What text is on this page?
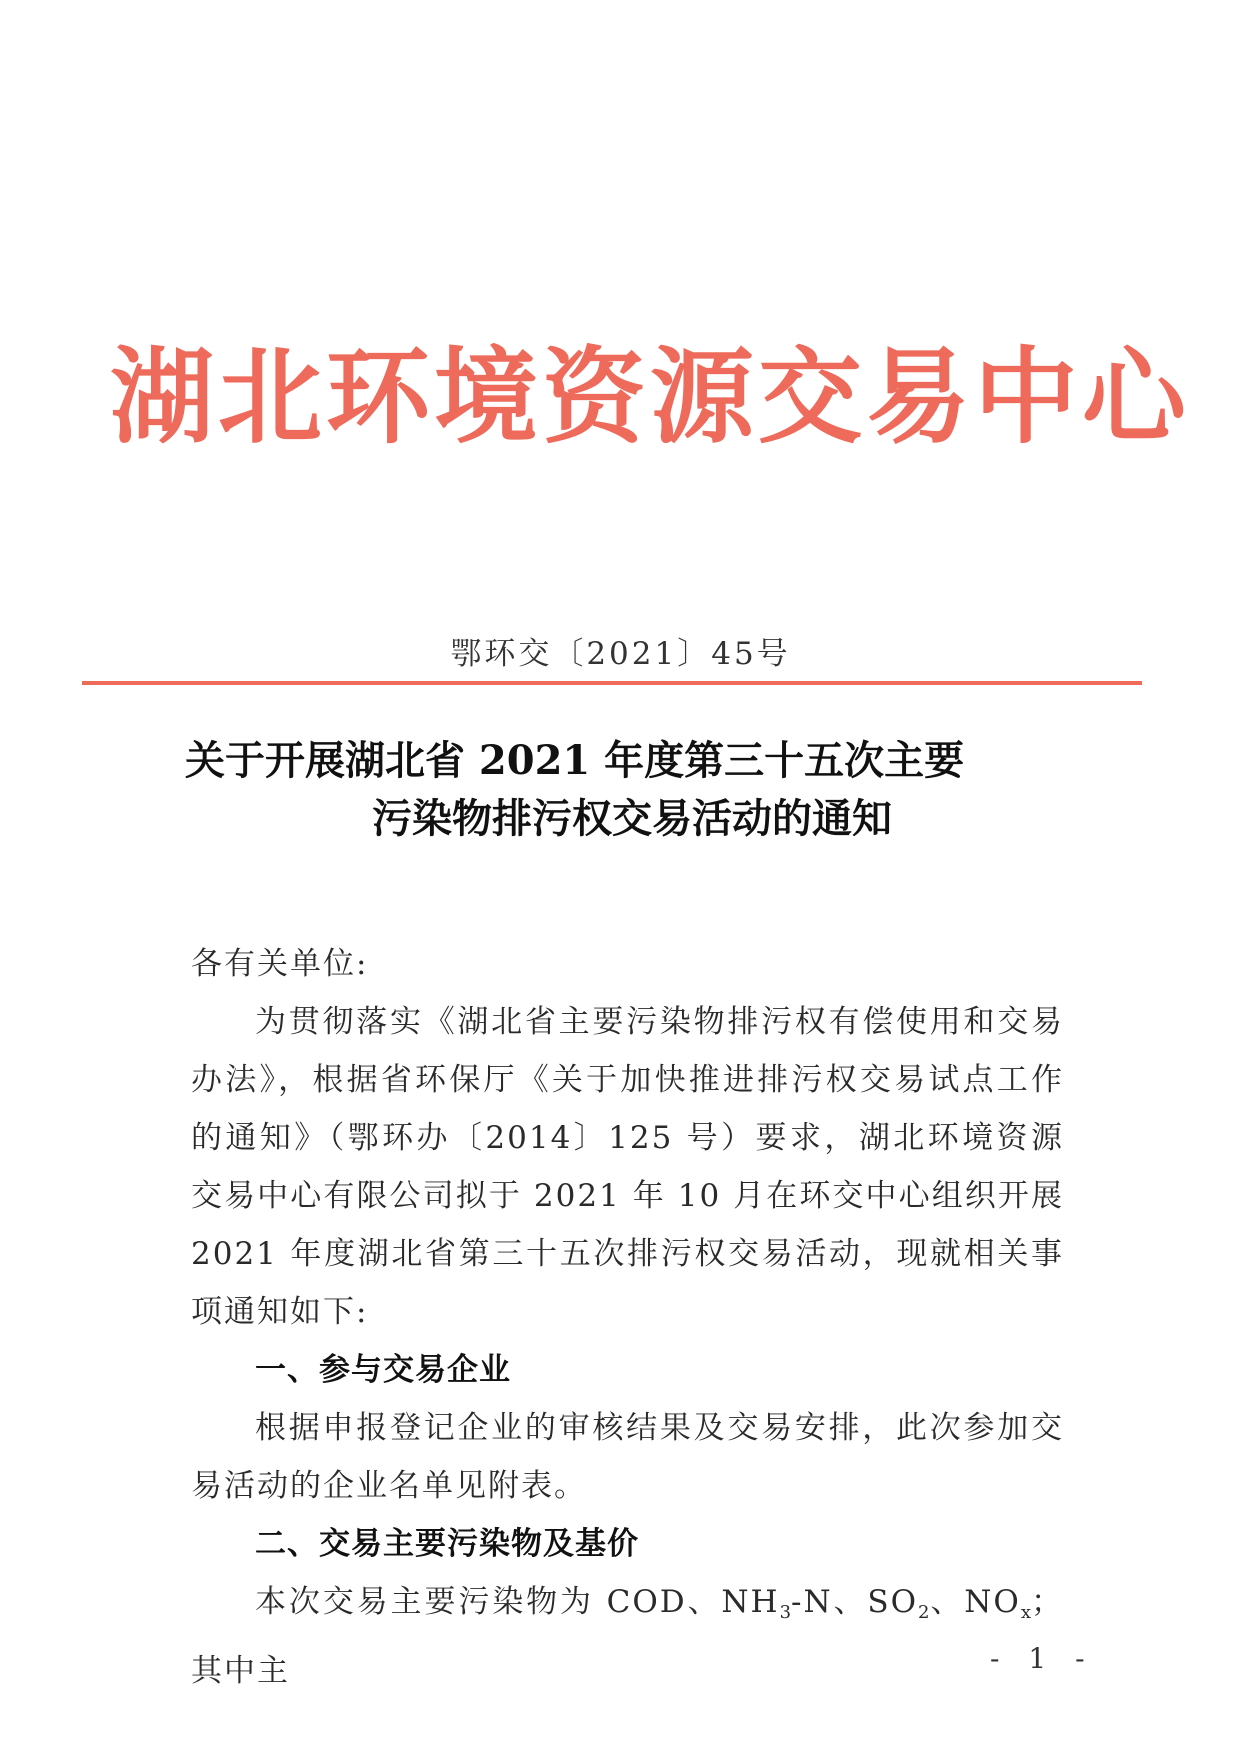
湖北环境资源交易中心
鄂环交〔2021〕45号
关于开展湖北省 2021 年度第三十五次主要
污染物排污权交易活动的通知

各有关单位:

为贯彻落实《湖北省主要污染物排污权有偿使用和交易办法》，根据省环保厅《关于加快推进排污权交易试点工作的通知》（鄂环办〔2014〕125 号）要求，湖北环境资源交易中心有限公司拟于 2021 年 10 月在环交中心组织开展 2021 年度湖北省第三十五次排污权交易活动，现就相关事项通知如下:

一、参与交易企业

根据申报登记企业的审核结果及交易安排，此次参加交易活动的企业名单见附表。

二、交易主要污染物及基价

本次交易主要污染物为 COD、$NH_3-N$、$SO_2$、$NO_x$；其中主	- 1 -
